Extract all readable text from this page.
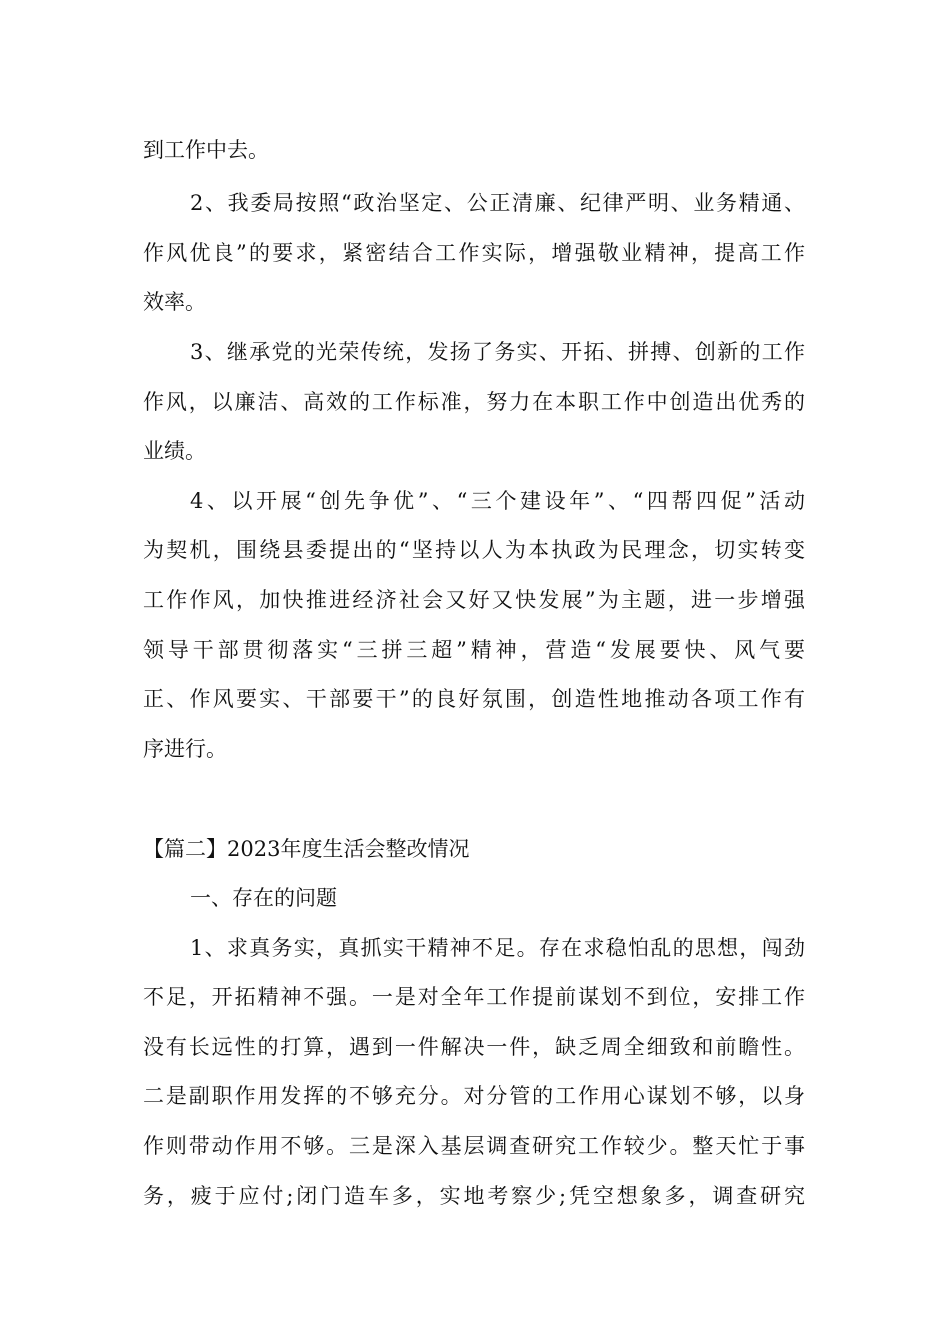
到工作中去。
2、我委局按照“政治坚定、公正清廉、纪律严明、业务精通、
作风优良”的要求，紧密结合工作实际，增强敬业精神，提高工作
效率。
3、继承党的光荣传统，发扬了务实、开拓、拼搏、创新的工作
作风，以廉洁、高效的工作标准，努力在本职工作中创造出优秀的
业绩。
4、以开展“创先争优”、“三个建设年”、“四帮四促”活动
为契机，围绕县委提出的“坚持以人为本执政为民理念，切实转变
工作作风，加快推进经济社会又好又快发展”为主题，进一步增强
领导干部贯彻落实“三拼三超”精神，营造“发展要快、风气要
正、作风要实、干部要干”的良好氛围，创造性地推动各项工作有
序进行。
【篇二】2023年度生活会整改情况
一、存在的问题
1、求真务实，真抓实干精神不足。存在求稳怕乱的思想，闯劲
不足，开拓精神不强。一是对全年工作提前谋划不到位，安排工作
没有长远性的打算，遇到一件解决一件，缺乏周全细致和前瞻性。
二是副职作用发挥的不够充分。对分管的工作用心谋划不够，以身
作则带动作用不够。三是深入基层调查研究工作较少。整天忙于事
务，疲于应付;闭门造车多，实地考察少;凭空想象多，调查研究
